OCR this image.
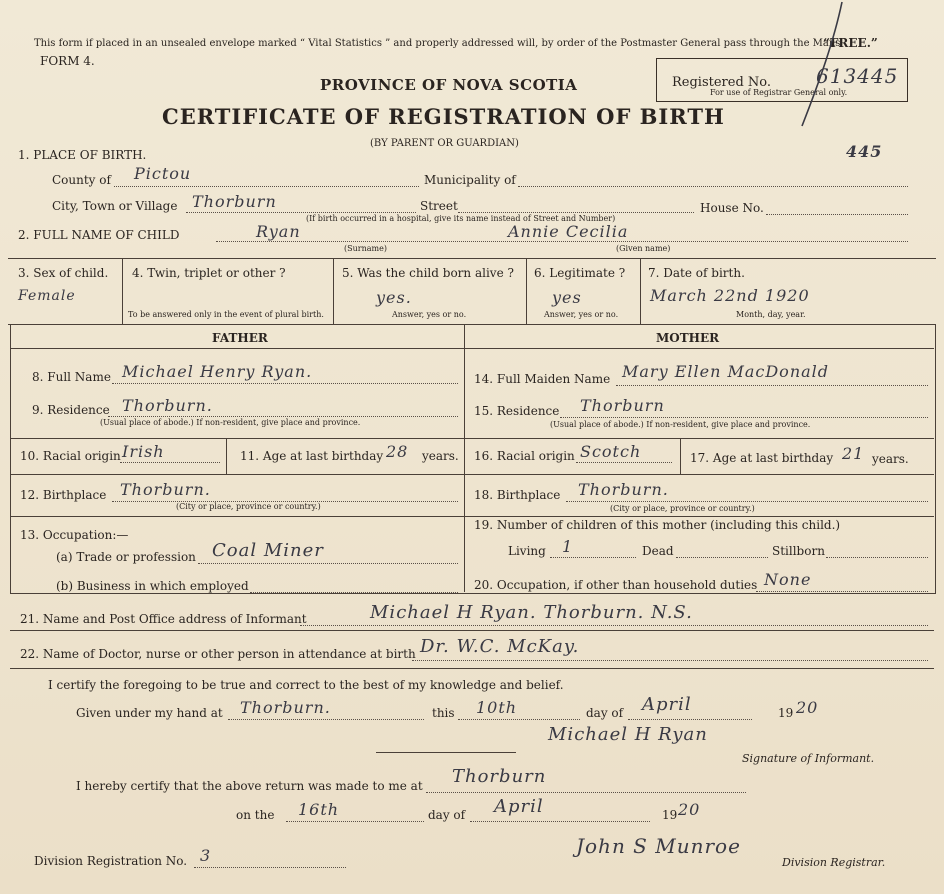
This form if placed in an unsealed envelope marked “ Vital Statistics ” and properly addressed will, by order of the Postmaster General pass through the Mails
“FREE.”
FORM 4.
Registered No. 613445
For use of Registrar General only.
445
PROVINCE OF NOVA SCOTIA
CERTIFICATE OF REGISTRATION OF BIRTH
(BY PARENT OR GUARDIAN)
1. PLACE OF BIRTH.
County of Pictou	Municipality of
City, Town or Village Thorburn	Street	House No.
(If birth occurred in a hospital, give its name instead of Street and Number)
2. FULL NAME OF CHILD	Ryan
(Surname)
Annie Cecilia
(Given name)
3. Sex of child.
Female
4. Twin, triplet or other ?
To be answered only in the event of plural birth.
5. Was the child born alive ?
yes.
Answer, yes or no.
6. Legitimate ?
yes
Answer, yes or no.
7. Date of birth.
March 22nd 1920
Month, day, year.
FATHER	MOTHER
8. Full Name Michael Henry Ryan.
9. Residence Thorburn.
(Usual place of abode.) If non-resident, give place and province.
10. Racial origin Irish	11. Age at last birthday 28 years.
12. Birthplace Thorburn.
(City or place, province or country.)
13. Occupation:—
(a) Trade or profession Coal Miner
(b) Business in which employed
14. Full Maiden Name Mary Ellen MacDonald
15. Residence Thorburn
(Usual place of abode.) If non-resident, give place and province.
16. Racial origin Scotch	17. Age at last birthday 21 years.
18. Birthplace Thorburn.
(City or place, province or country.)
19. Number of children of this mother (including this child.)
Living 1	Dead	Stillborn
20. Occupation, if other than household duties None
21. Name and Post Office address of Informant	Michael H Ryan. Thorburn. N.S.
22. Name of Doctor, nurse or other person in attendance at birth Dr. W.C. McKay.
I certify the foregoing to be true and correct to the best of my knowledge and belief.
Given under my hand at Thorburn.	this 10th	day of April	19 20
Michael H Ryan
Signature of Informant.
I hereby certify that the above return was made to me at Thorburn
on the 16th	day of April	19 20
Division Registration No. 3	John S Munroe
Division Registrar.
